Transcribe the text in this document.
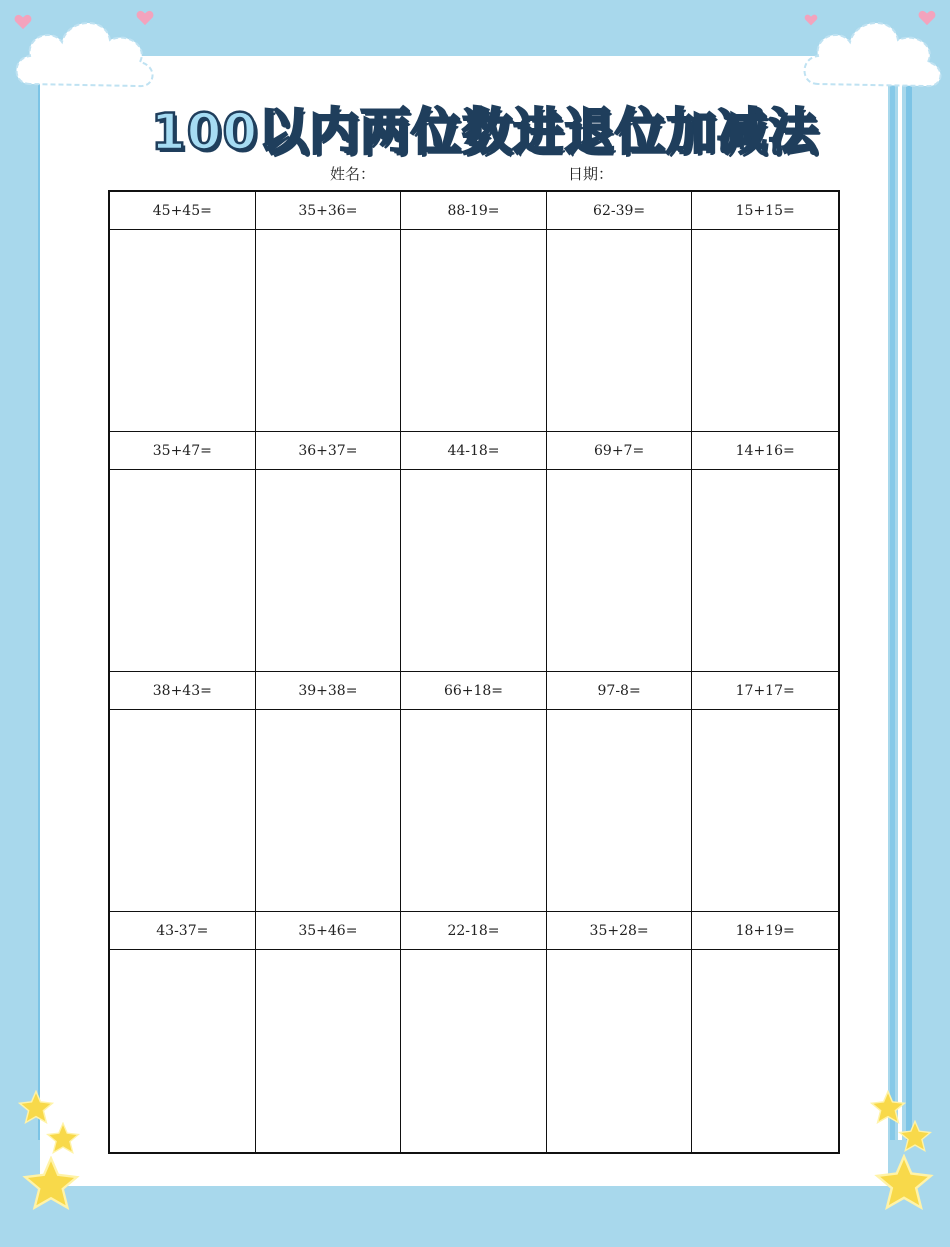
100以内两位数进退位加减法
姓名：	日期：
45+45=	35+36=	88-19=	62-39=	15+15=
35+47=	36+37=	44-18=	69+7=	14+16=
38+43=	39+38=	66+18=	97-8=	17+17=
43-37=	35+46=	22-18=	35+28=	18+19=
